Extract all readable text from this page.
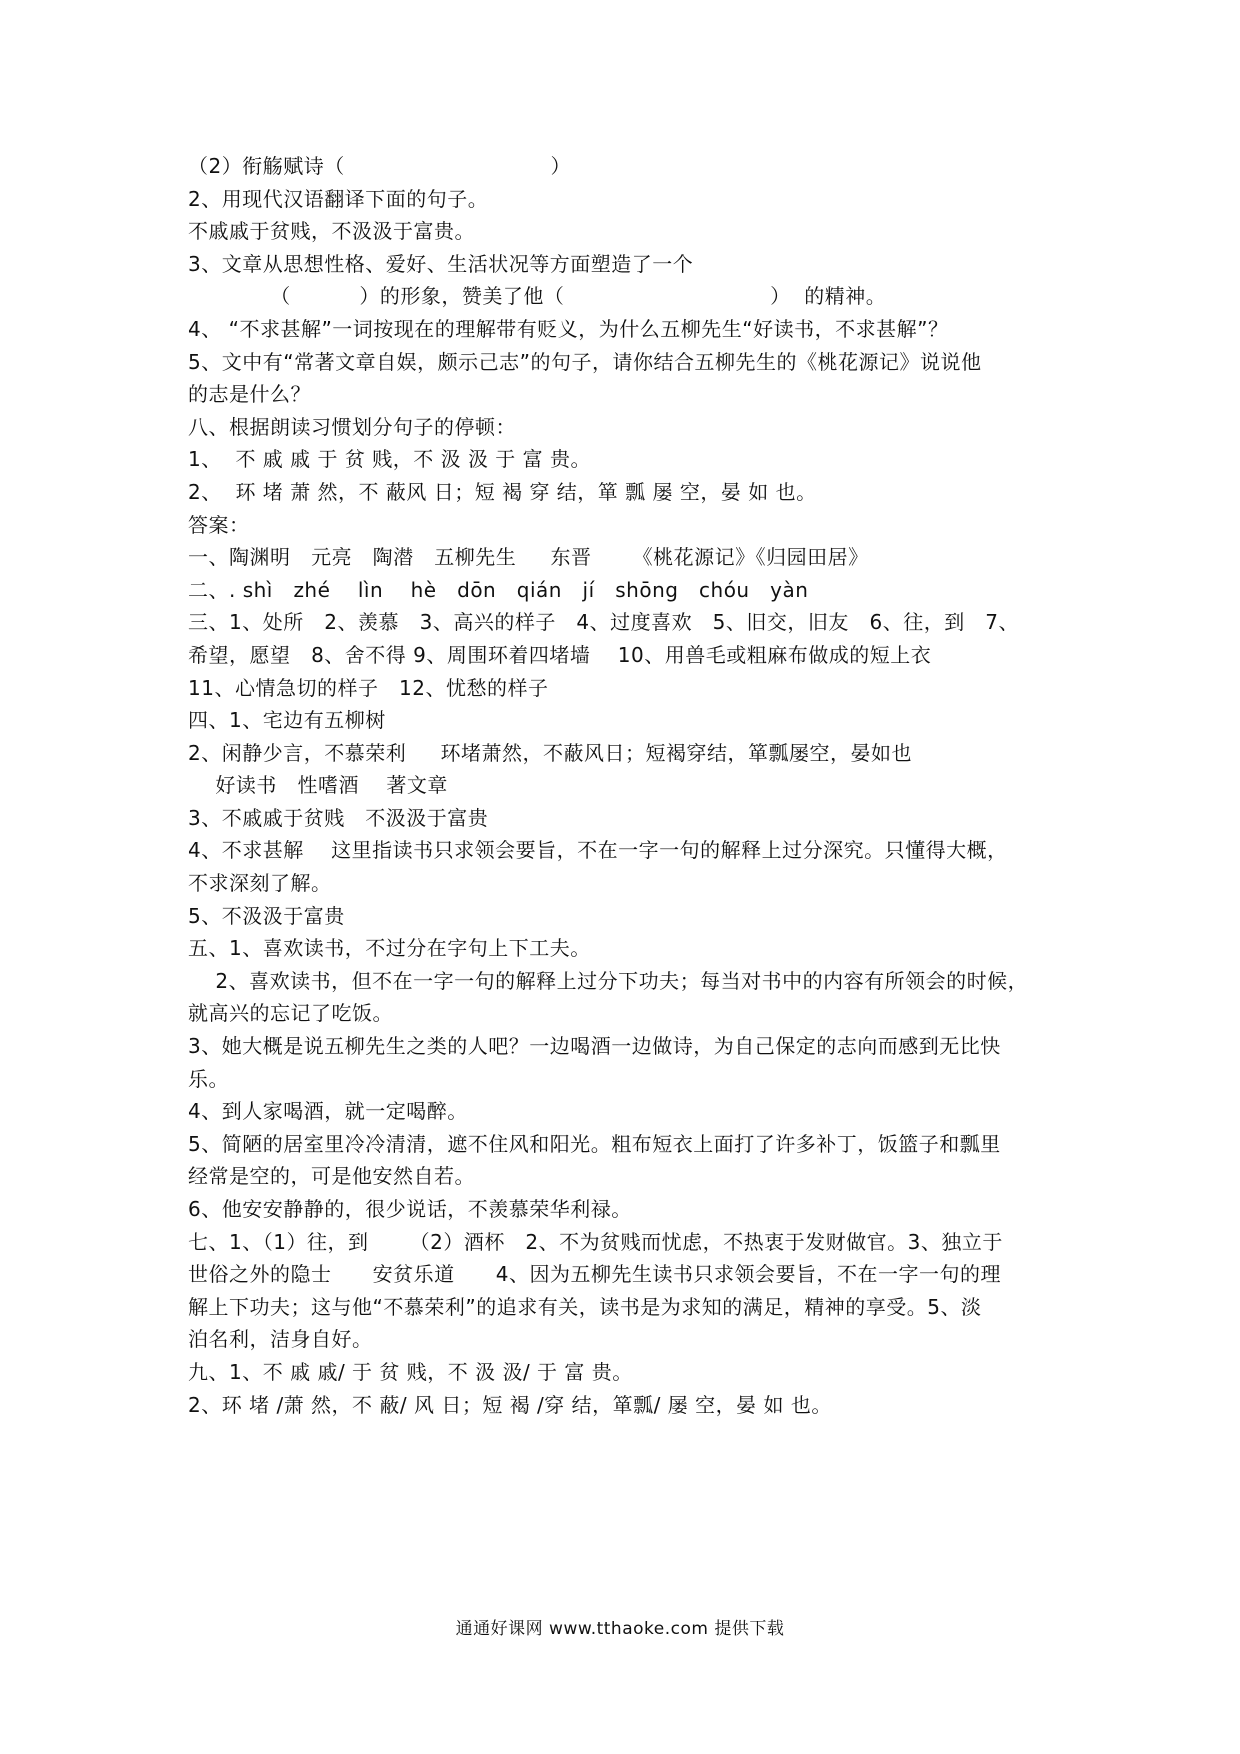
（2）衔觞赋诗（                              ）
2、用现代汉语翻译下面的句子。
不戚戚于贫贱，不汲汲于富贵。
3、文章从思想性格、爱好、生活状况等方面塑造了一个
（          ）的形象，赞美了他（                              ）  的精神。
4、 “不求甚解”一词按现在的理解带有贬义，为什么五柳先生“好读书，不求甚解”？
5、文中有“常著文章自娱，颇示己志”的句子，请你结合五柳先生的《桃花源记》说说他
的志是什么？
八、根据朗读习惯划分句子的停顿：
1、  不 戚 戚 于 贫 贱，不 汲 汲 于 富 贵。
2、  环 堵 萧 然，不 蔽风 日；短 褐 穿 结，箪 瓢 屡 空，晏 如 也。
答案：
一、陶渊明   元亮   陶潜   五柳先生     东晋      《桃花源记》《归园田居》
二、. shì   zhé    lìn    hè   dōn   qián   jí   shōng   chóu   yàn
三、1、处所   2、羡慕   3、高兴的样子   4、过度喜欢   5、旧交，旧友   6、往，到   7、
希望，愿望   8、舍不得 9、周围环着四堵墙    10、用兽毛或粗麻布做成的短上衣
11、心情急切的样子   12、忧愁的样子
四、1、宅边有五柳树
2、闲静少言，不慕荣利     环堵萧然，不蔽风日；短褐穿结，箪瓢屡空，晏如也
好读书   性嗜酒    著文章
3、不戚戚于贫贱   不汲汲于富贵
4、不求甚解    这里指读书只求领会要旨，不在一字一句的解释上过分深究。只懂得大概，
不求深刻了解。
5、不汲汲于富贵
五、1、喜欢读书，不过分在字句上下工夫。
2、喜欢读书，但不在一字一句的解释上过分下功夫；每当对书中的内容有所领会的时候，
就高兴的忘记了吃饭。
3、她大概是说五柳先生之类的人吧？一边喝酒一边做诗，为自己保定的志向而感到无比快
乐。
4、到人家喝酒，就一定喝醉。
5、简陋的居室里冷冷清清，遮不住风和阳光。粗布短衣上面打了许多补丁，饭篮子和瓢里
经常是空的，可是他安然自若。
6、他安安静静的，很少说话，不羡慕荣华利禄。
七、1、（1）往，到      （2）酒杯   2、不为贫贱而忧虑，不热衷于发财做官。3、独立于
世俗之外的隐士      安贫乐道      4、因为五柳先生读书只求领会要旨，不在一字一句的理
解上下功夫；这与他“不慕荣利”的追求有关，读书是为求知的满足，精神的享受。5、淡
泊名利，洁身自好。
九、1、不 戚 戚/ 于 贫 贱，不 汲 汲/ 于 富 贵。
2、环 堵 /萧 然，不 蔽/ 风 日；短 褐 /穿 结，箪瓢/ 屡 空，晏 如 也。
通通好课网 www.tthaoke.com 提供下载
